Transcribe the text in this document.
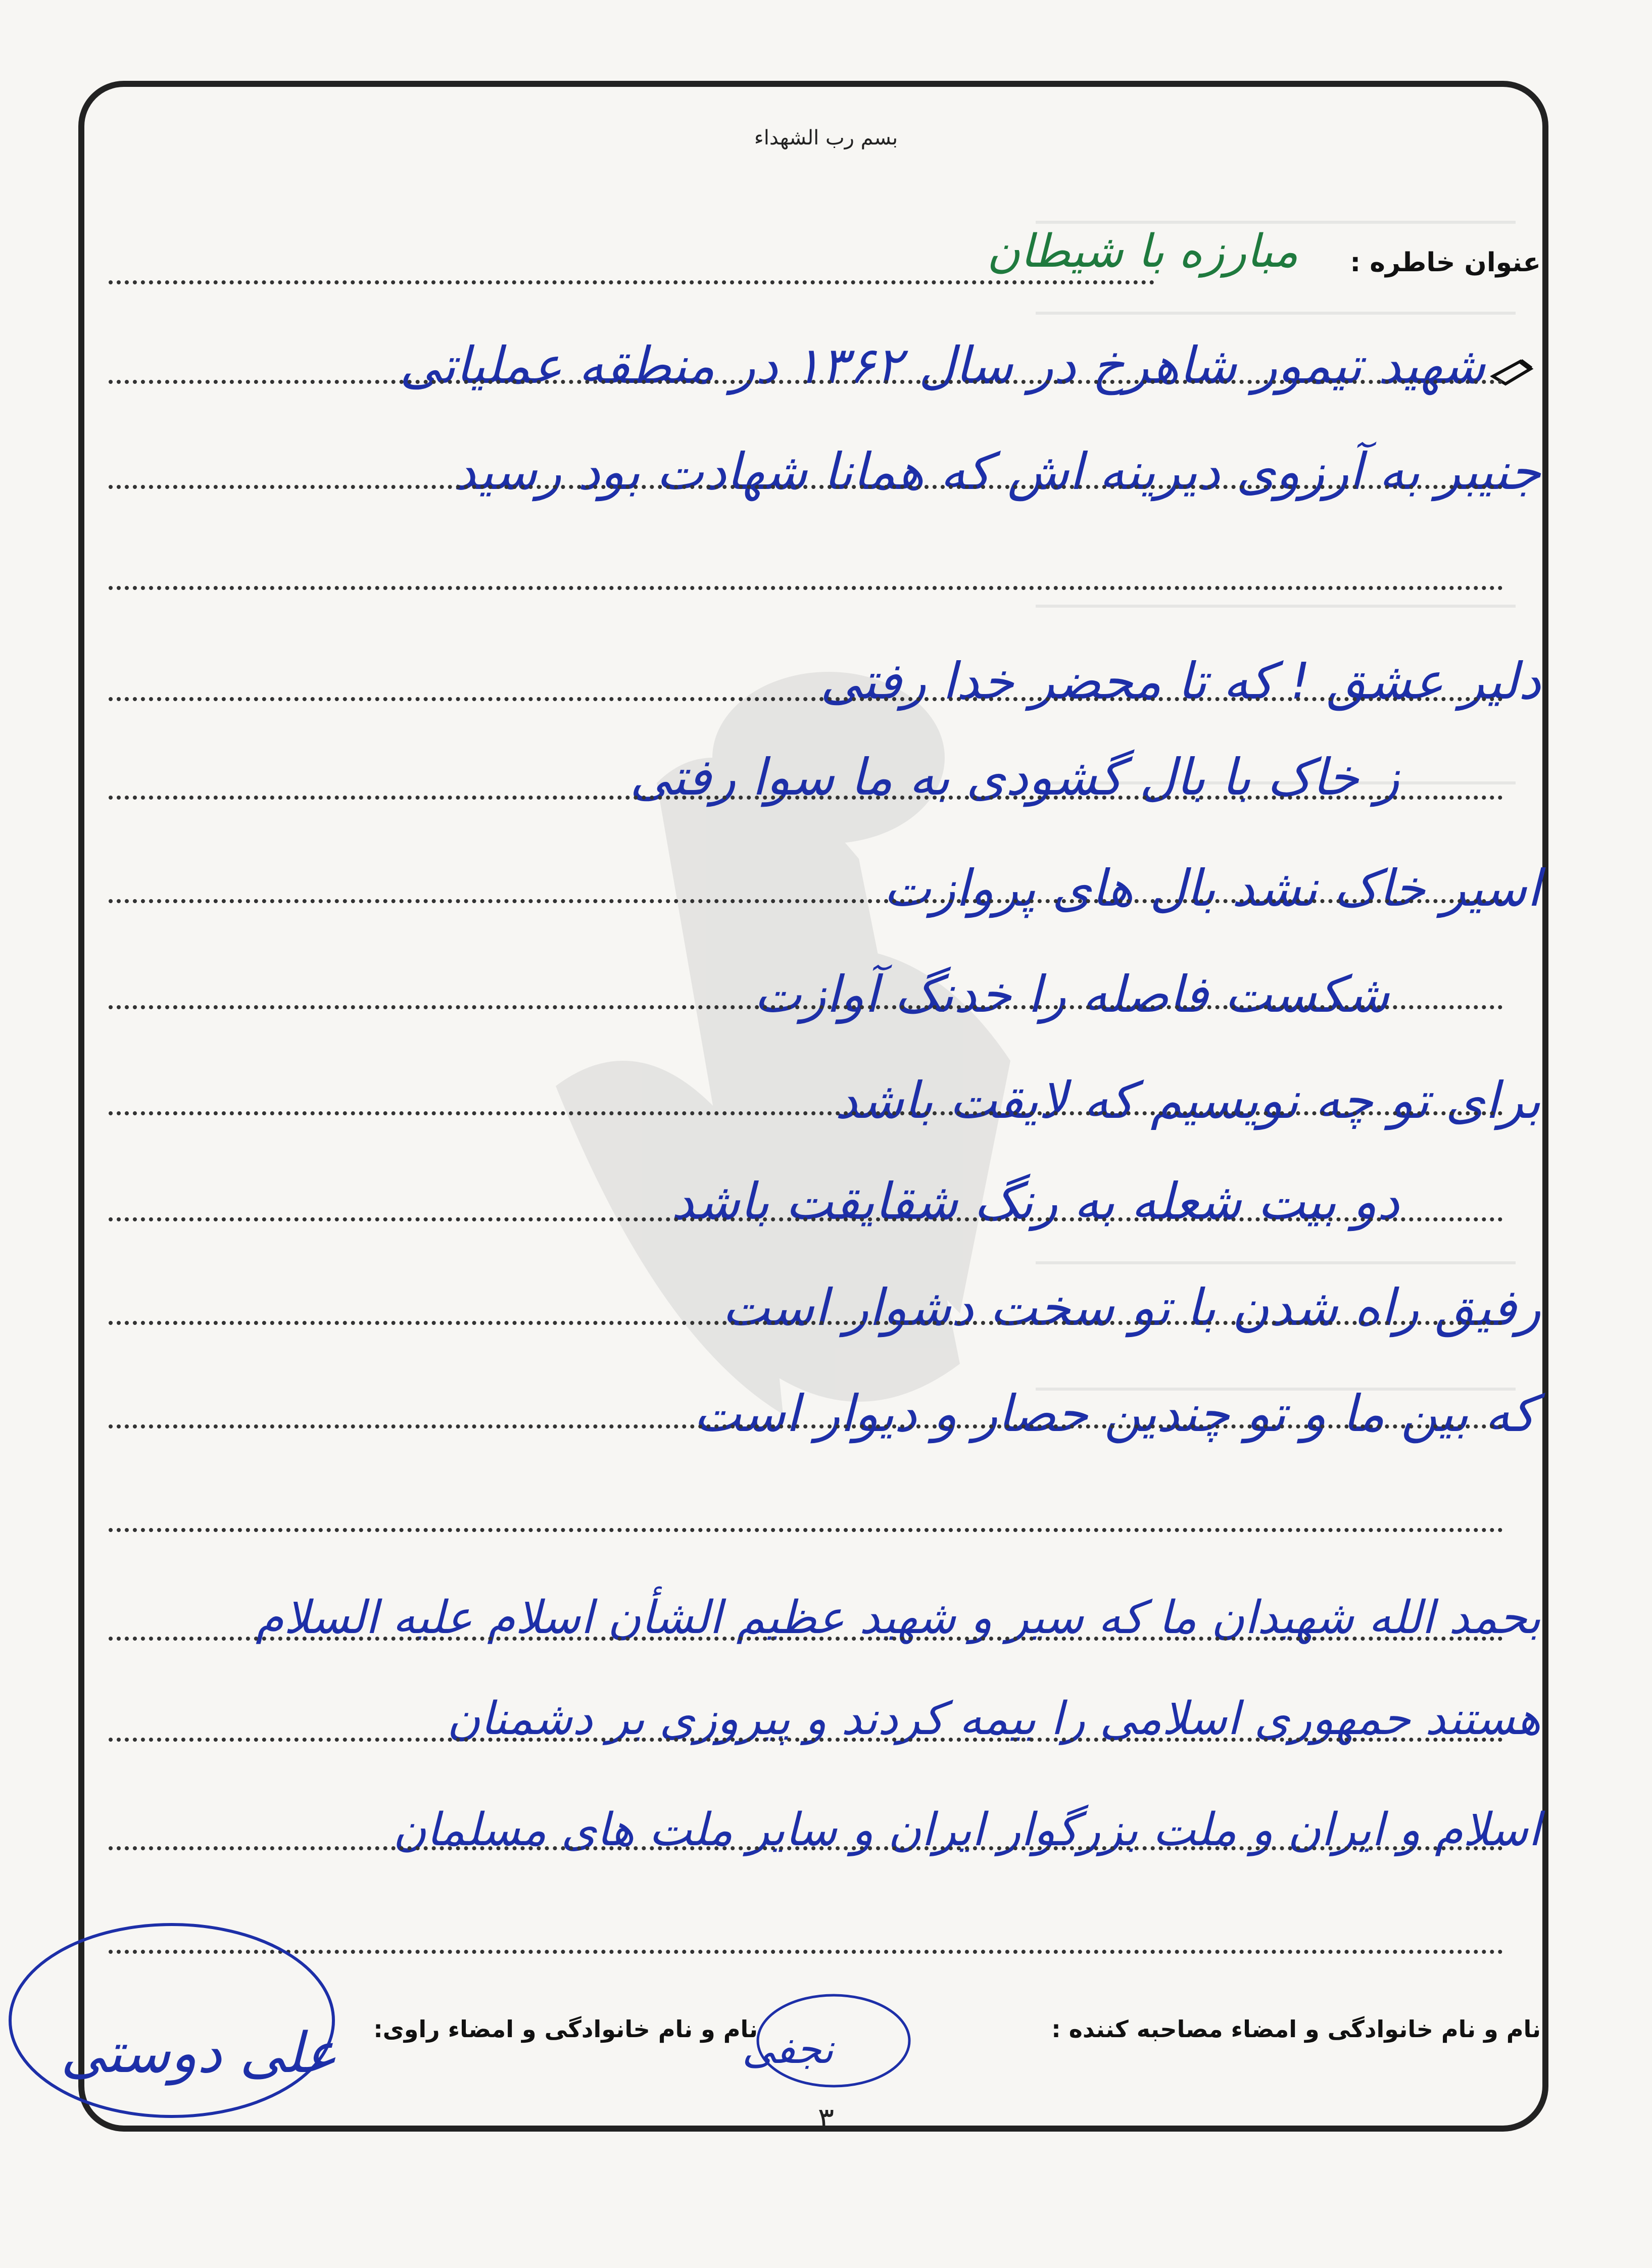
بسم رب الشهداء
عنوان خاطره :
مبارزه با شیطان
شهید تیمور شاهرخ در سال ۱۳۶۲ در منطقه عملیاتی
جنیبر به آرزوی دیرینه اش که همانا شهادت بود رسید
دلیر عشق ! که تا محضر خدا رفتی
ز خاک با بال گشودی به ما سوا رفتی
اسیر خاک نشد بال های پروازت
شکست فاصله را خدنگ آوازت
برای تو چه نویسیم که لایقت باشد
دو بیت شعله به رنگ شقایقت باشد
رفیق راه شدن با تو سخت دشوار است
که بین ما و تو چندین حصار و دیوار است
بحمد الله شهیدان ما که سیر و شهید عظیم الشأن اسلام علیه السلام
هستند جمهوری اسلامی را بیمه کردند و پیروزی بر دشمنان
اسلام و ایران و ملت بزرگوار ایران و سایر ملت های مسلمان
نام و نام خانوادگی و امضاء مصاحبه کننده :
نجفی
نام و نام خانوادگی و امضاء راوی:
علی دوستی
۳
